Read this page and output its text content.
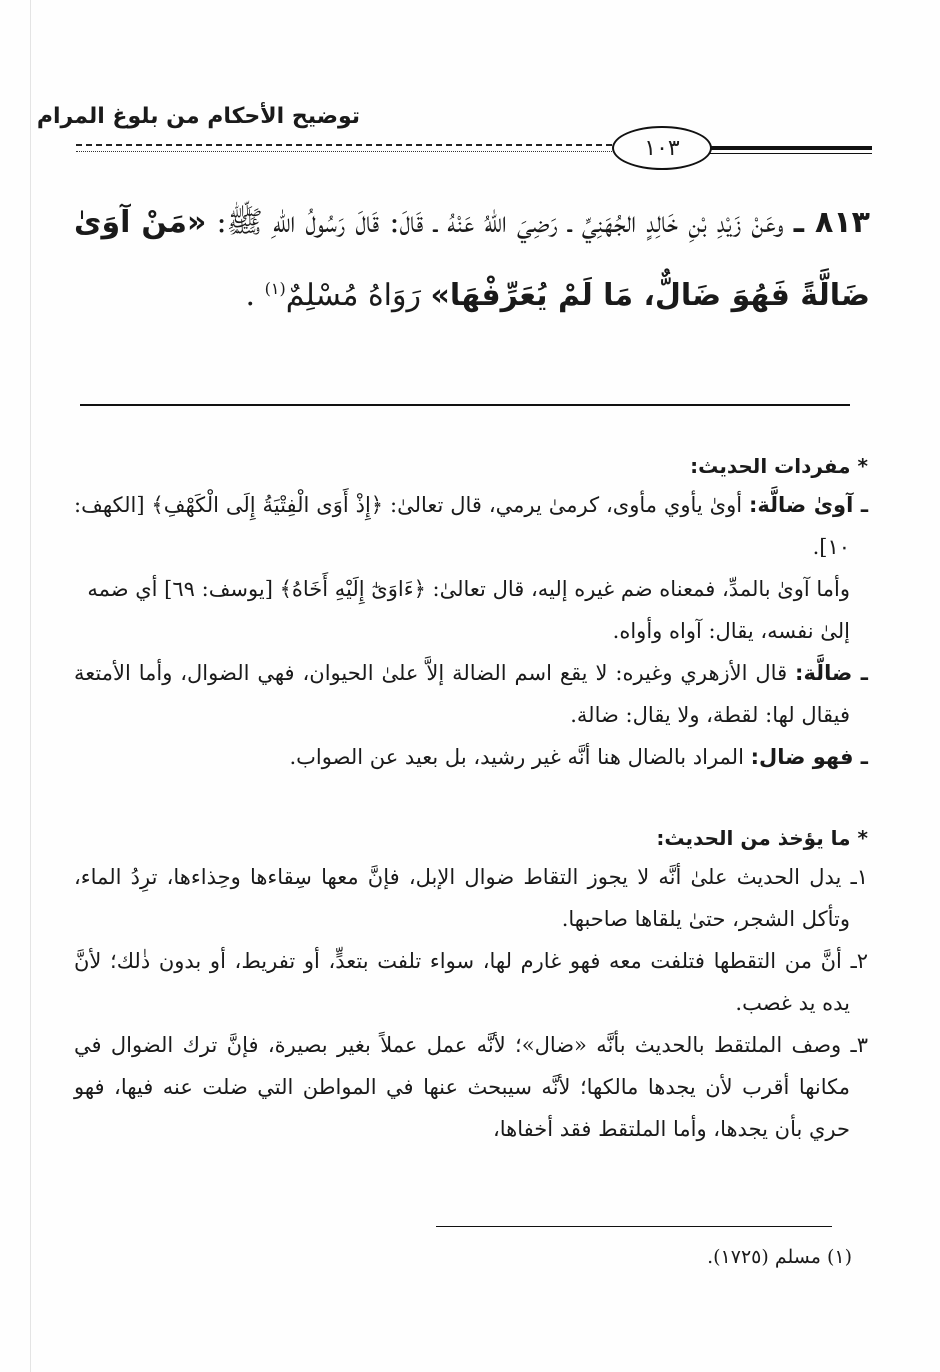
توضيح الأحكام من بلوغ المرام
١٠٣
٨١٣ ـ وعَنْ زَيْدِ بْنِ خَالِدٍ الجُهَنِيِّ ـ رَضِيَ اللهُ عَنْهُ ـ قَالَ: قَالَ رَسُولُ اللهِ ﷺ: «مَنْ آوَىٰ ضَالَّةً فَهُوَ ضَالٌّ، مَا لَمْ يُعَرِّفْهَا» رَوَاهُ مُسْلِمٌ$^{(١)}$ .
* مفردات الحديث:
ـ آوىٰ ضالَّة: أوىٰ يأوي مأوى، كرمىٰ يرمي، قال تعالىٰ: ﴿إِذْ أَوَى الْفِتْيَةُ إِلَى الْكَهْفِ﴾ [الكهف: ١٠].
وأما آوىٰ بالمدِّ، فمعناه ضم غيره إليه، قال تعالىٰ: ﴿ءَاوَىٰٓ إِلَيْهِ أَخَاهُ﴾ [يوسف: ٦٩] أي ضمه إلىٰ نفسه، يقال: آواه وأواه.
ـ ضالَّة: قال الأزهري وغيره: لا يقع اسم الضالة إلاَّ علىٰ الحيوان، فهي الضوال، وأما الأمتعة فيقال لها: لقطة، ولا يقال: ضالة.
ـ فهو ضال: المراد بالضال هنا أنَّه غير رشيد، بل بعيد عن الصواب.
* ما يؤخذ من الحديث:
١ـ يدل الحديث علىٰ أنَّه لا يجوز التقاط ضوال الإبل، فإنَّ معها سِقاءها وحِذاءها، ترِدُ الماء، وتأكل الشجر، حتىٰ يلقاها صاحبها.
٢ـ أنَّ من التقطها فتلفت معه فهو غارم لها، سواء تلفت بتعدٍّ، أو تفريط، أو بدون ذٰلك؛ لأنَّ يده يد غصب.
٣ـ وصف الملتقط بالحديث بأنَّه «ضال»؛ لأنَّه عمل عملاً بغير بصيرة، فإنَّ ترك الضوال في مكانها أقرب لأن يجدها مالكها؛ لأنَّه سيبحث عنها في المواطن التي ضلت عنه فيها، فهو حري بأن يجدها، وأما الملتقط فقد أخفاها،
(١) مسلم (١٧٢٥).
